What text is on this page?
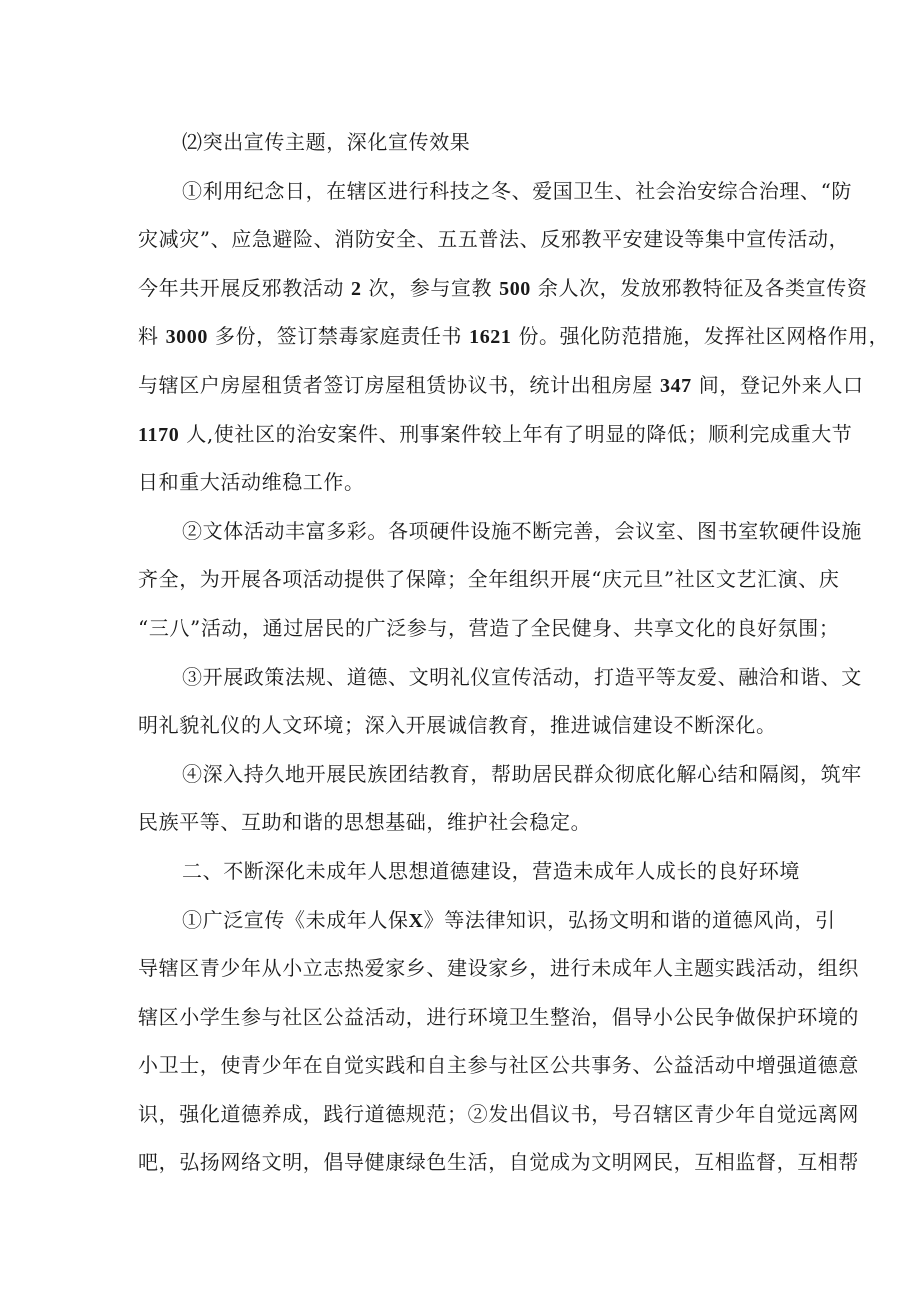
⑵突出宣传主题，深化宣传效果
①利用纪念日，在辖区进行科技之冬、爱国卫生、社会治安综合治理、“防
灾减灾”、应急避险、消防安全、五五普法、反邪教平安建设等集中宣传活动，
今年共开展反邪教活动 2 次，参与宣教 500 余人次，发放邪教特征及各类宣传资
料 3000 多份，签订禁毒家庭责任书 1621 份。强化防范措施，发挥社区网格作用，
与辖区户房屋租赁者签订房屋租赁协议书，统计出租房屋 347 间，登记外来人口
1170 人,使社区的治安案件、刑事案件较上年有了明显的降低；顺利完成重大节
日和重大活动维稳工作。
②文体活动丰富多彩。各项硬件设施不断完善，会议室、图书室软硬件设施
齐全，为开展各项活动提供了保障；全年组织开展“庆元旦”社区文艺汇演、庆
“三八”活动，通过居民的广泛参与，营造了全民健身、共享文化的良好氛围；
③开展政策法规、道德、文明礼仪宣传活动，打造平等友爱、融洽和谐、文
明礼貌礼仪的人文环境；深入开展诚信教育，推进诚信建设不断深化。
④深入持久地开展民族团结教育，帮助居民群众彻底化解心结和隔阂，筑牢
民族平等、互助和谐的思想基础，维护社会稳定。
二、不断深化未成年人思想道德建设，营造未成年人成长的良好环境
①广泛宣传《未成年人保X》等法律知识，弘扬文明和谐的道德风尚，引
导辖区青少年从小立志热爱家乡、建设家乡，进行未成年人主题实践活动，组织
辖区小学生参与社区公益活动，进行环境卫生整治，倡导小公民争做保护环境的
小卫士，使青少年在自觉实践和自主参与社区公共事务、公益活动中增强道德意
识，强化道德养成，践行道德规范；②发出倡议书，号召辖区青少年自觉远离网
吧，弘扬网络文明，倡导健康绿色生活，自觉成为文明网民，互相监督，互相帮
